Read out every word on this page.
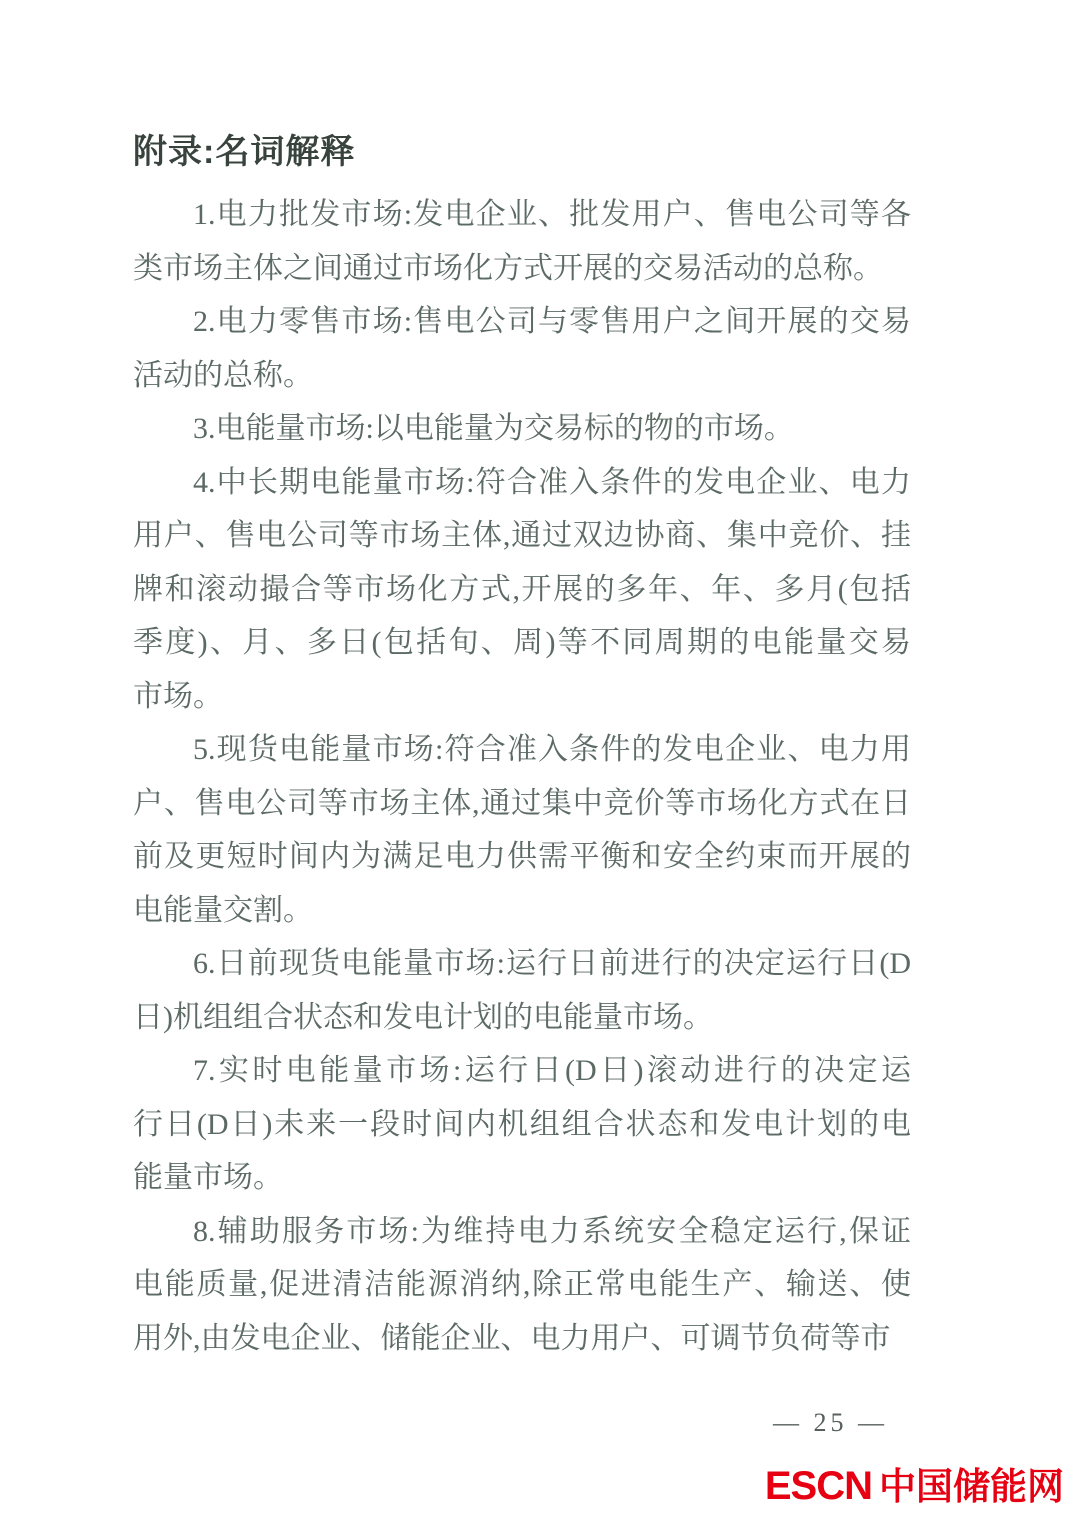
附录:名词解释
1.电力批发市场:发电企业、批发用户、售电公司等各
类市场主体之间通过市场化方式开展的交易活动的总称。
2.电力零售市场:售电公司与零售用户之间开展的交易
活动的总称。
3.电能量市场:以电能量为交易标的物的市场。
4.中长期电能量市场:符合准入条件的发电企业、电力
用户、售电公司等市场主体,通过双边协商、集中竞价、挂
牌和滚动撮合等市场化方式,开展的多年、年、多月(包括
季度)、月、多日(包括旬、周)等不同周期的电能量交易
市场。
5.现货电能量市场:符合准入条件的发电企业、电力用
户、售电公司等市场主体,通过集中竞价等市场化方式在日
前及更短时间内为满足电力供需平衡和安全约束而开展的
电能量交割。
6.日前现货电能量市场:运行日前进行的决定运行日(D
日)机组组合状态和发电计划的电能量市场。
7.实时电能量市场:运行日(D日)滚动进行的决定运
行日(D日)未来一段时间内机组组合状态和发电计划的电
能量市场。
8.辅助服务市场:为维持电力系统安全稳定运行,保证
电能质量,促进清洁能源消纳,除正常电能生产、输送、使
用外,由发电企业、储能企业、电力用户、可调节负荷等市
— 25 —
ESCN 中国储能网
